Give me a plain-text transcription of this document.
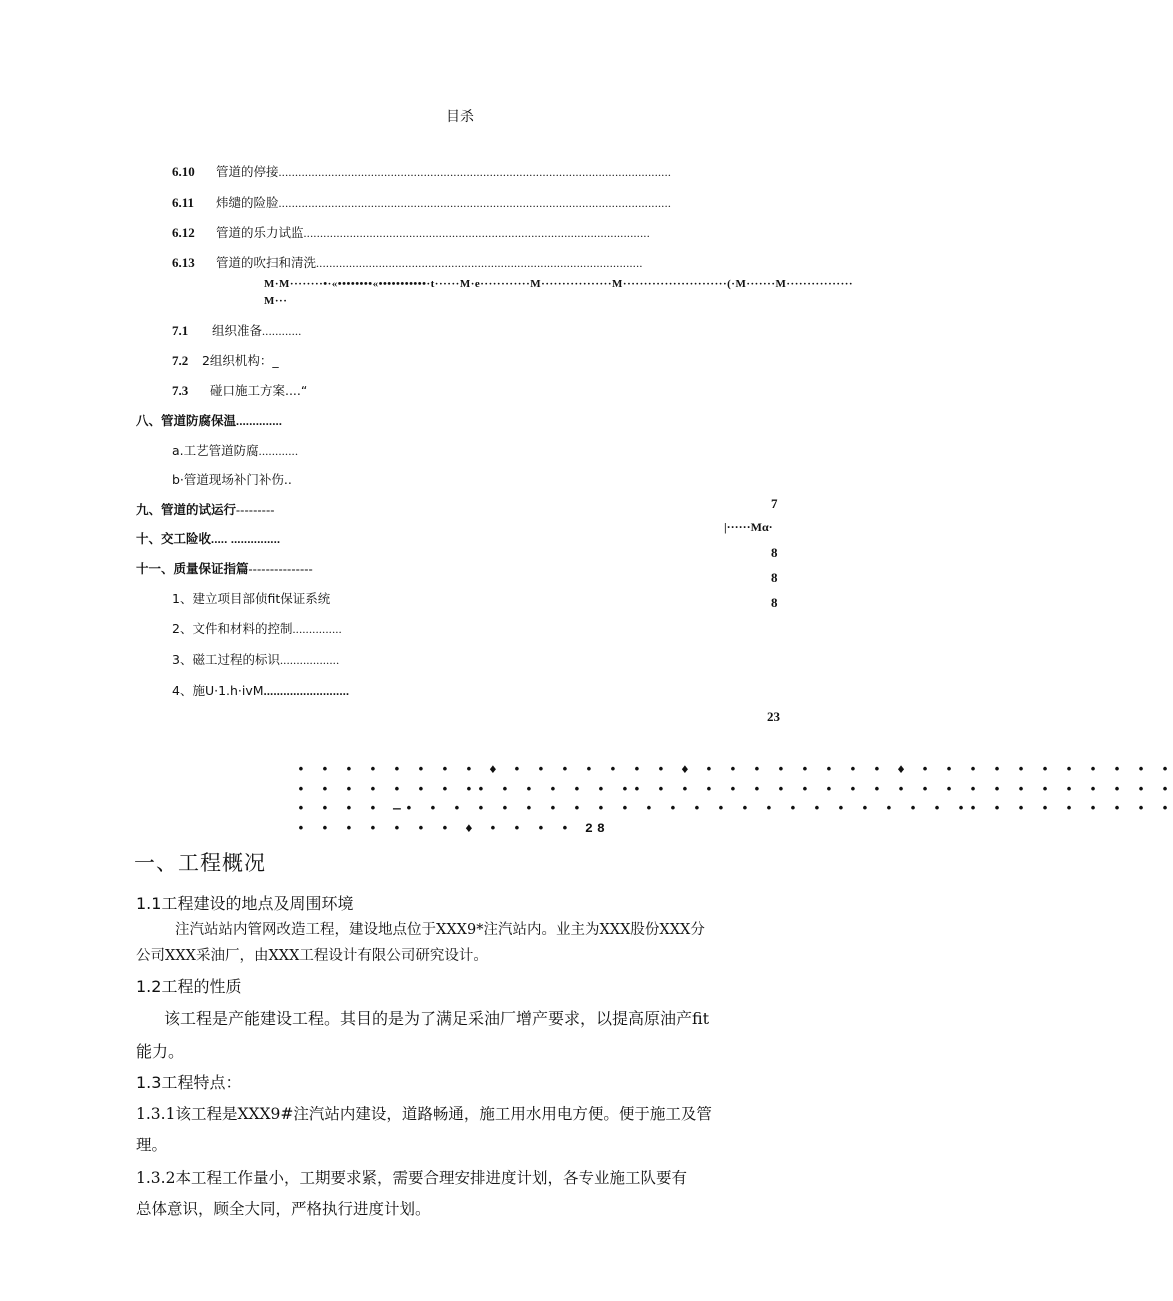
目杀
6.10 管道的停接.......................................................................................................................
6.11 炜缱的险脸.......................................................................................................................
6.12 管道的乐力试监.........................................................................................................
6.13 管道的吹扫和清洗...................................................................................................
M·M········•·«••••••••«•••••••••••·t······M·e············M·················M·························(·M·······M················
M···
7.1 组织准备............
7.2 2组织机构：_
7.3 碰口施工方案....“
八、管道防腐保温..............
a.工艺管道防腐............
b·管道现场补门补伤..
九、管道的试运行---------
十、交工险收..... ...............
十一、质量保证指篇---------------
1、建立项目部侦fit保证系统
2、文件和材料的控制...............
3、磁工过程的标识..................
4、施U·1.h·ivM..........................
7
|······Mα·
8
8
8
23
• • • • • • • • ♦ • • • • • • • ♦ • • • • • • • • ♦ • • • • • • • • • • •
• • • • • • • •• • • • • • •• • • • • • • • • • • • • • • • • • • • • • •
• • • • —• • • • • • • • • • • • • • • • • • • • • • • •• • • • • • • • •
• • • • • • • ♦ • • • • 28
一、工程概况
1.1工程建设的地点及周围环境
注汽站站内管网改造工程，建设地点位于XXX9*注汽站内。业主为XXX股份XXX分
公司XXX采油厂，由XXX工程设计有限公司研究设计。
1.2工程的性质
该工程是产能建设工程。其目的是为了满足采油厂增产要求，以提高原油产fit
能力。
1.3工程特点：
1.3.1该工程是XXX9#注汽站内建设，道路畅通，施工用水用电方便。便于施工及管
理。
1.3.2本工程工作量小，工期要求紧，需要合理安排进度计划，各专业施工队要有
总体意识，顾全大同，严格执行进度计划。
